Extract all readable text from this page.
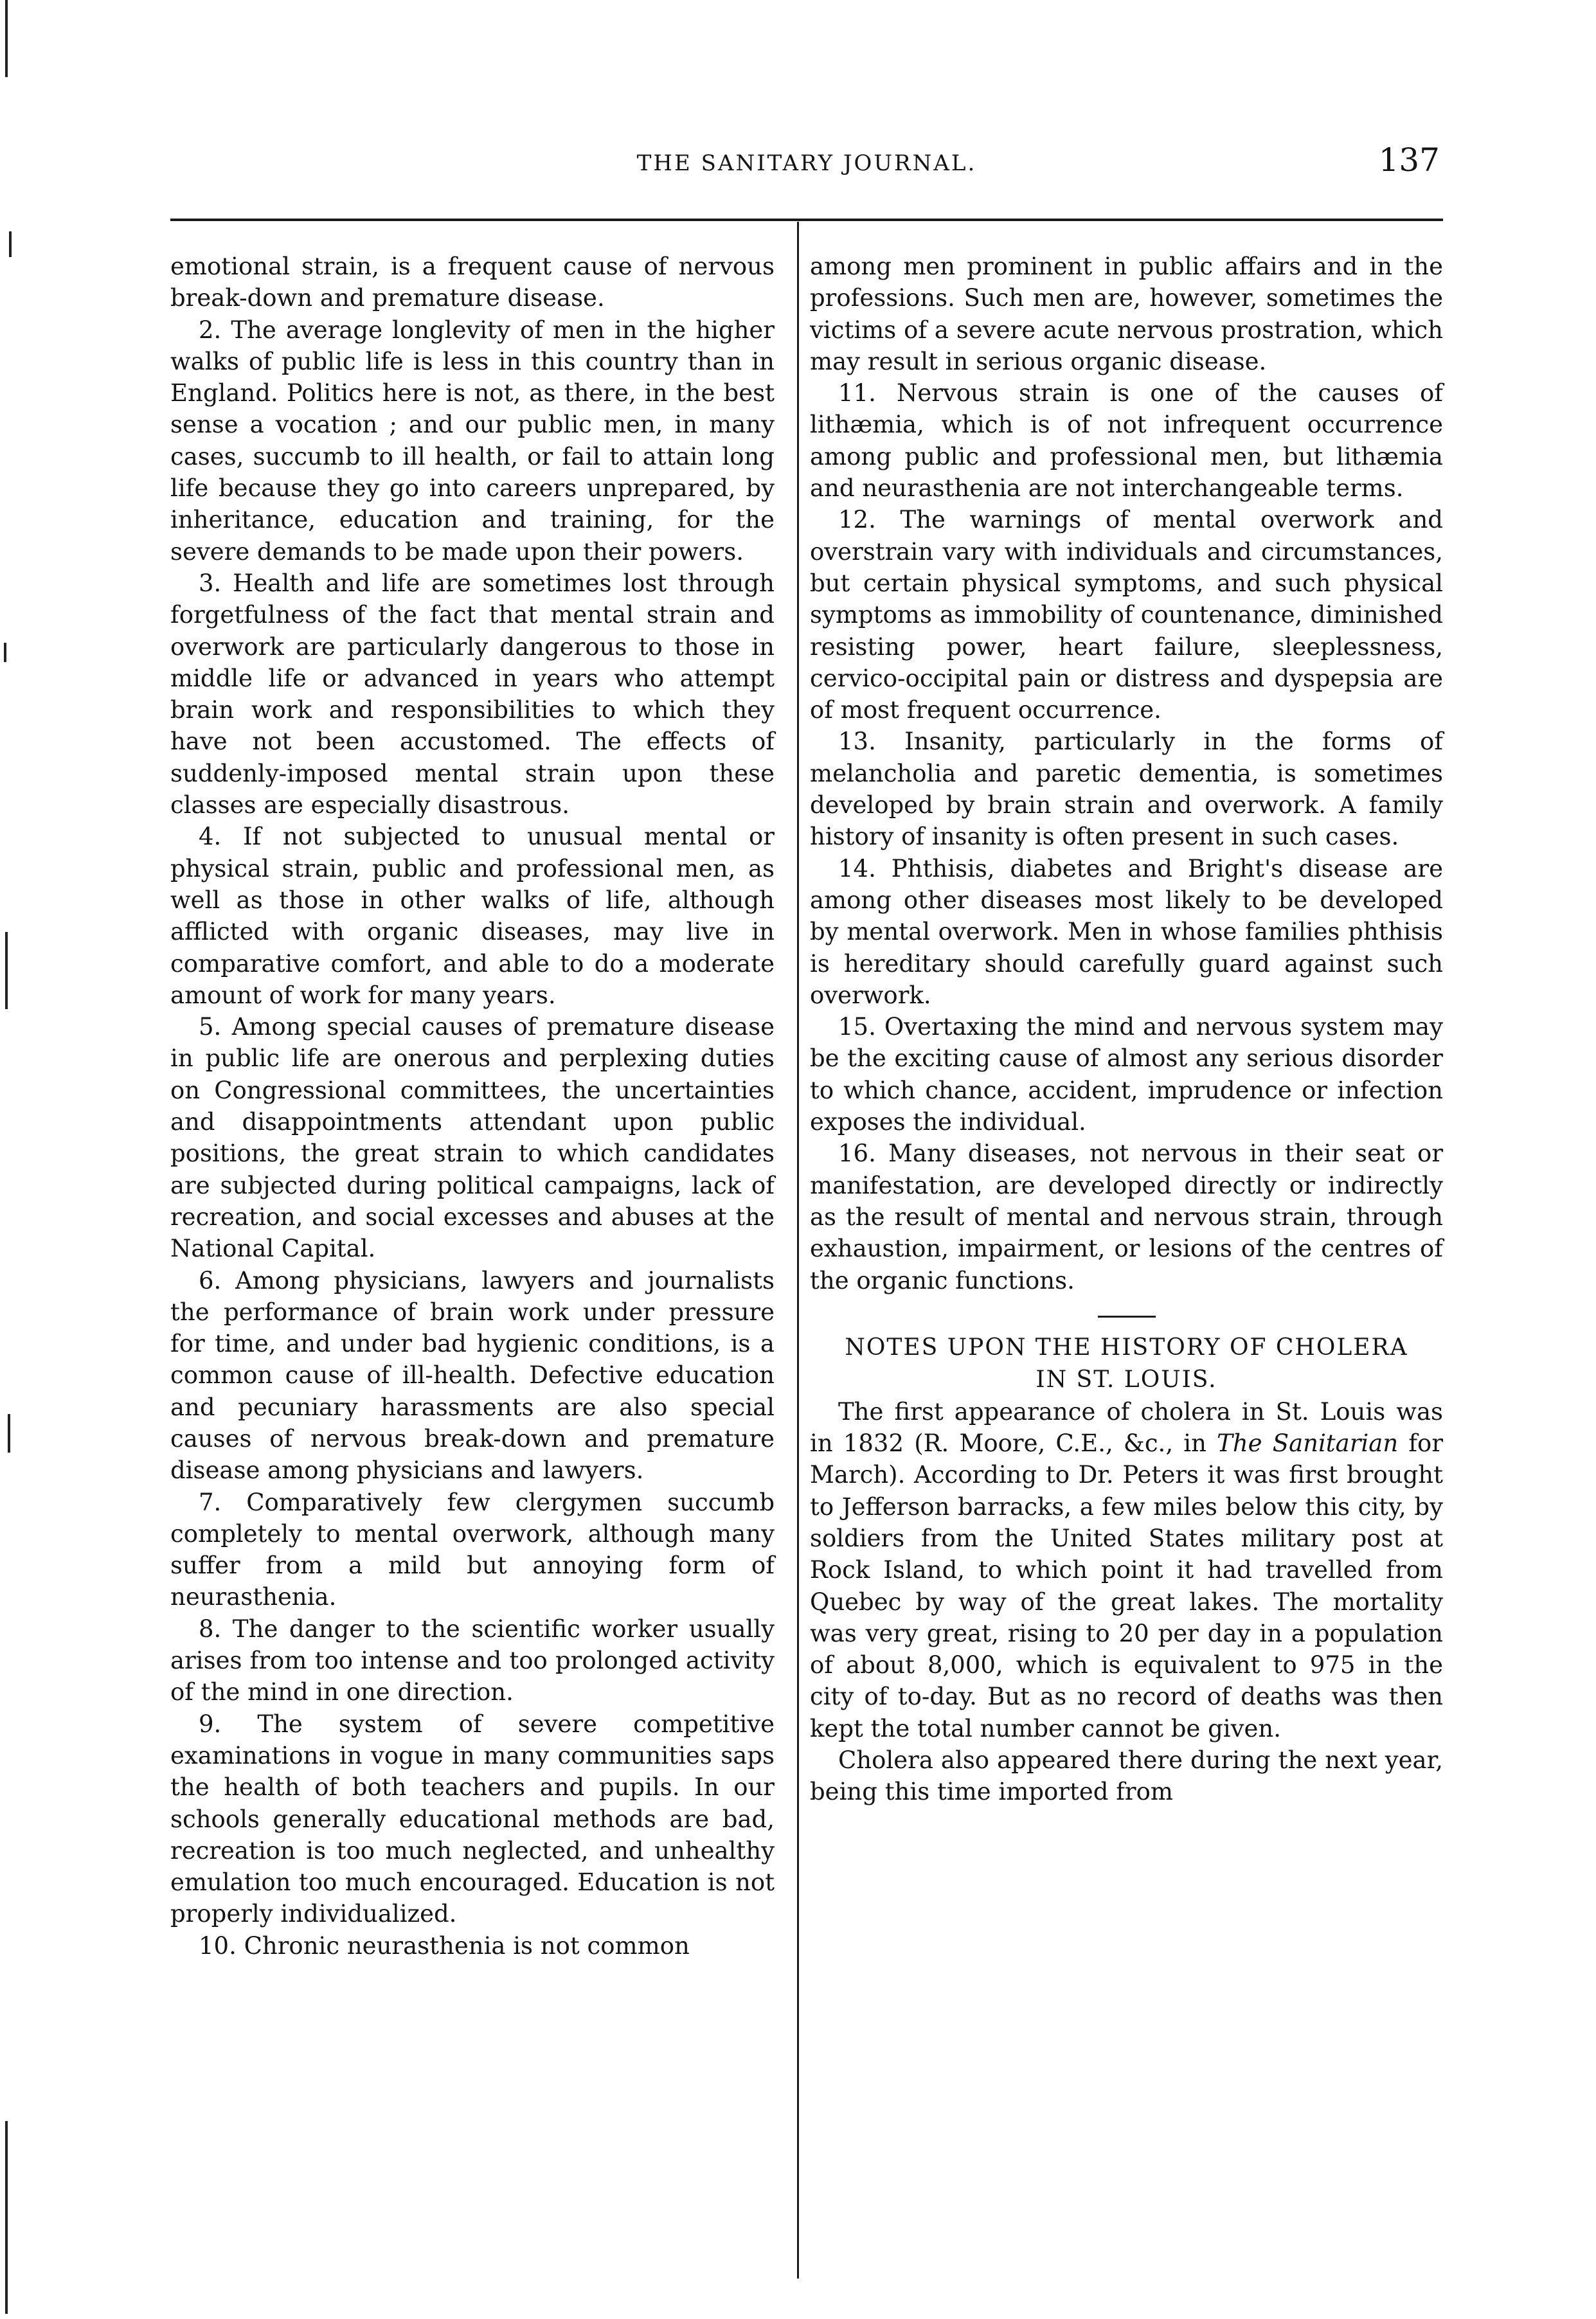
THE SANITARY JOURNAL.	137

emotional strain, is a frequent cause of nervous break-down and premature disease.

2. The average longlevity of men in the higher walks of public life is less in this country than in England. Politics here is not, as there, in the best sense a vocation ; and our public men, in many cases, succumb to ill health, or fail to attain long life because they go into careers unprepared, by inheritance, education and training, for the severe demands to be made upon their powers.

3. Health and life are sometimes lost through forgetfulness of the fact that mental strain and overwork are particularly dangerous to those in middle life or advanced in years who attempt brain work and responsibilities to which they have not been accustomed. The effects of suddenly-imposed mental strain upon these classes are especially disastrous.

4. If not subjected to unusual mental or physical strain, public and professional men, as well as those in other walks of life, although afflicted with organic diseases, may live in comparative comfort, and able to do a moderate amount of work for many years.

5. Among special causes of premature disease in public life are onerous and perplexing duties on Congressional committees, the uncertainties and disappointments attendant upon public positions, the great strain to which candidates are subjected during political campaigns, lack of recreation, and social excesses and abuses at the National Capital.

6. Among physicians, lawyers and journalists the performance of brain work under pressure for time, and under bad hygienic conditions, is a common cause of ill-health. Defective education and pecuniary harassments are also special causes of nervous break-down and premature disease among physicians and lawyers.

7. Comparatively few clergymen succumb completely to mental overwork, although many suffer from a mild but annoying form of neurasthenia.

8. The danger to the scientific worker usually arises from too intense and too prolonged activity of the mind in one direction.

9. The system of severe competitive examinations in vogue in many communities saps the health of both teachers and pupils. In our schools generally educational methods are bad, recreation is too much neglected, and unhealthy emulation too much encouraged. Education is not properly individualized.

10. Chronic neurasthenia is not common

among men prominent in public affairs and in the professions. Such men are, however, sometimes the victims of a severe acute nervous prostration, which may result in serious organic disease.

11. Nervous strain is one of the causes of lithæmia, which is of not infrequent occurrence among public and professional men, but lithæmia and neurasthenia are not interchangeable terms.

12. The warnings of mental overwork and overstrain vary with individuals and circumstances, but certain physical symptoms, and such physical symptoms as immobility of countenance, diminished resisting power, heart failure, sleeplessness, cervico-occipital pain or distress and dyspepsia are of most frequent occurrence.

13. Insanity, particularly in the forms of melancholia and paretic dementia, is sometimes developed by brain strain and overwork. A family history of insanity is often present in such cases.

14. Phthisis, diabetes and Bright's disease are among other diseases most likely to be developed by mental overwork. Men in whose families phthisis is hereditary should carefully guard against such overwork.

15. Overtaxing the mind and nervous system may be the exciting cause of almost any serious disorder to which chance, accident, imprudence or infection exposes the individual.

16. Many diseases, not nervous in their seat or manifestation, are developed directly or indirectly as the result of mental and nervous strain, through exhaustion, impairment, or lesions of the centres of the organic functions.

NOTES UPON THE HISTORY OF CHOLERA
IN ST. LOUIS.

The first appearance of cholera in St. Louis was in 1832 (R. Moore, C.E., &c., in The Sanitarian for March). According to Dr. Peters it was first brought to Jefferson barracks, a few miles below this city, by soldiers from the United States military post at Rock Island, to which point it had travelled from Quebec by way of the great lakes. The mortality was very great, rising to 20 per day in a population of about 8,000, which is equivalent to 975 in the city of to-day. But as no record of deaths was then kept the total number cannot be given.

Cholera also appeared there during the next year, being this time imported from
